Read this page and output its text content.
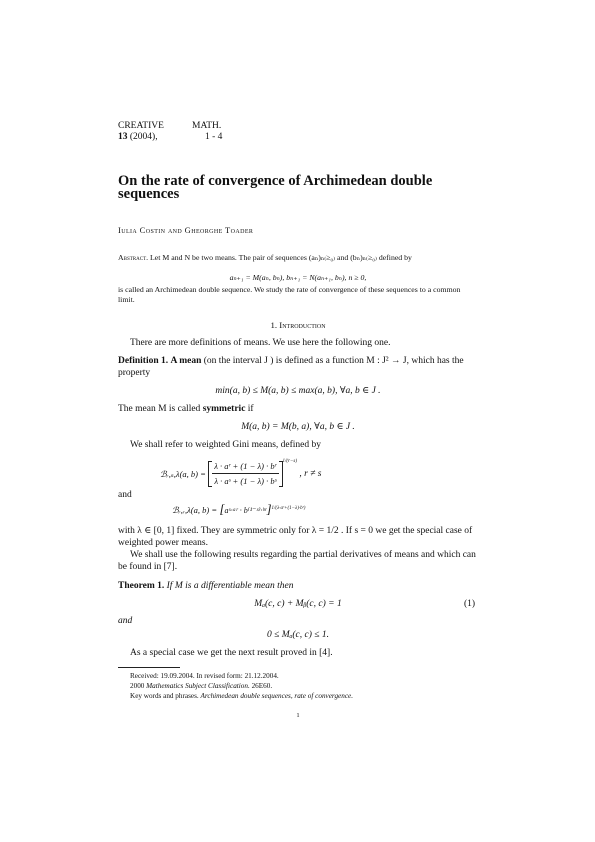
CREATIVE	MATH.
13 (2004),	1 - 4
On the rate of convergence of Archimedean double sequences
Iulia Costin and Gheorghe Toader
Abstract. Let M and N be two means. The pair of sequences (aₙ)ₙ₍≥₀₎ and (bₙ)ₙ₍≥₀₎ defined by
aₙ₊₁ = M(aₙ, bₙ), bₙ₊₁ = N(aₙ₊₁, bₙ), n ≥ 0,
is called an Archimedean double sequence. We study the rate of convergence of these sequences to a common limit.
1. Introduction
There are more definitions of means. We use here the following one.
Definition 1. A mean (on the interval J ) is defined as a function M : J² → J, which has the property
min(a, b) ≤ M(a, b) ≤ max(a, b), ∀a, b ∈ J .
The mean M is called symmetric if
M(a, b) = M(b, a), ∀a, b ∈ J .
We shall refer to weighted Gini means, defined by
ℬᵣ,ₛ,λ(a, $b) = \frac{\text{λ · aʳ + (1 − λ) · bʳ}}{\text{λ · aˢ + (1 − λ) · bˢ}} ^{1/(r-s)}$ , r ≠ s
and
ℬᵣ,ᵣ,λ(a, b) = [aˣ·ᵃʳ · b⁽¹⁻ˣ⁾·ᵇʳ]$^{1/(\lambda\cdot aʳ+(1-\lambda)\cdot bʳ)}$
with λ ∈ [0, 1] fixed. They are symmetric only for λ = 1/2 . If s = 0 we get the special case of weighted power means.
We shall use the following results regarding the partial derivatives of means and which can be found in [7].
Theorem 1. If M is a differentiable mean then
Mₐ(c, c) + Mᵦ(c, c) = 1	(1)
and
0 ≤ Mₐ(c, c) ≤ 1.
As a special case we get the next result proved in [4].
Received: 19.09.2004. In revised form: 21.12.2004.
2000 Mathematics Subject Classification. 26E60.
Key words and phrases. Archimedean double sequences, rate of convergence.
1
